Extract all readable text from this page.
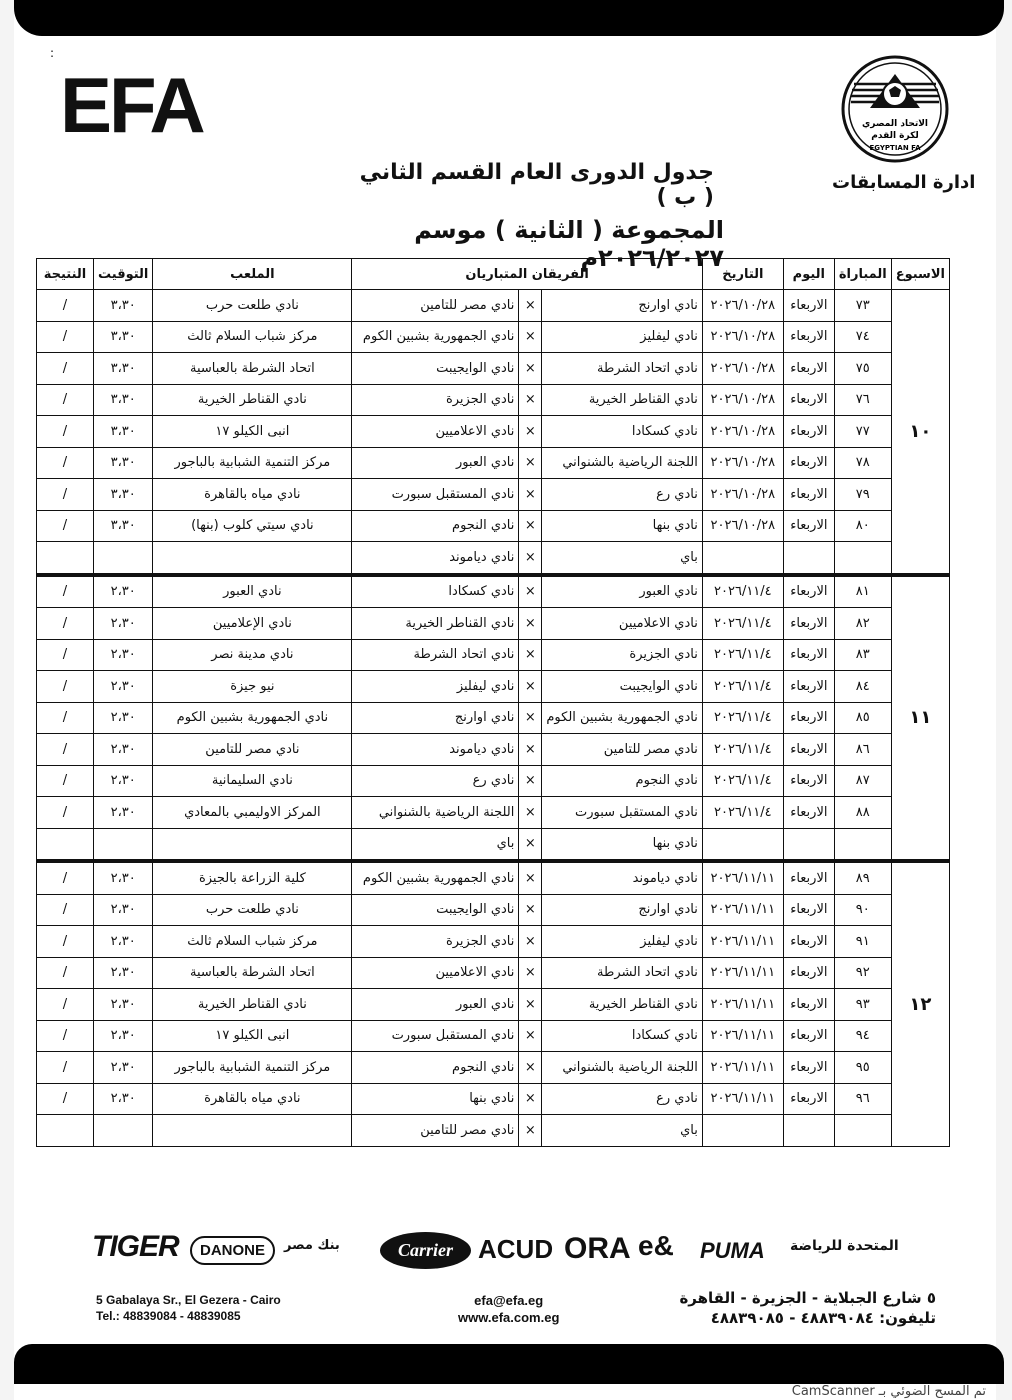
:
EFA	الاتحاد المصري
لكرة القدم
EGYPTIAN FA
ادارة المسابقات
جدول الدورى العام القسم الثاني ( ب )
المجموعة ( الثانية ) موسم ٢٠٢٦/٢٠٢٧م
الاسبوع	المباراة	اليوم	التاريخ	الفريقان المتباريان			الملعب	التوقيت	النتيجة
١٠	٧٣	الاربعاء	٢٠٢٦/١٠/٢٨	نادي اوارنج	×	نادي مصر للتامين	نادي طلعت حرب	٣،٣٠	/
	٧٤	الاربعاء	٢٠٢٦/١٠/٢٨	نادي ليفليز	×	نادي الجمهورية بشبين الكوم	مركز شباب السلام ثالث	٣،٣٠	/
	٧٥	الاربعاء	٢٠٢٦/١٠/٢٨	نادي اتحاد الشرطة	×	نادي الوايجيبت	اتحاد الشرطة بالعباسية	٣،٣٠	/
	٧٦	الاربعاء	٢٠٢٦/١٠/٢٨	نادي القناطر الخيرية	×	نادي الجزيرة	نادي القناطر الخيرية	٣،٣٠	/
	٧٧	الاربعاء	٢٠٢٦/١٠/٢٨	نادي كسكادا	×	نادي الاعلاميين	انبى الكيلو ١٧	٣،٣٠	/
	٧٨	الاربعاء	٢٠٢٦/١٠/٢٨	اللجنة الرياضية بالشنواني	×	نادي العبور	مركز التنمية الشبابية بالباجور	٣،٣٠	/
	٧٩	الاربعاء	٢٠٢٦/١٠/٢٨	نادي رع	×	نادي المستقبل سبورت	نادي مياه بالقاهرة	٣،٣٠	/
	٨٠	الاربعاء	٢٠٢٦/١٠/٢٨	نادي بنها	×	نادي النجوم	نادي سيتي كلوب (بنها)	٣،٣٠	/
				باي	×	نادي دياموند			
١١	٨١	الاربعاء	٢٠٢٦/١١/٤	نادي العبور	×	نادي كسكادا	نادي العبور	٢،٣٠	/
	٨٢	الاربعاء	٢٠٢٦/١١/٤	نادي الاعلاميين	×	نادي القناطر الخيرية	نادي الإعلاميين	٢،٣٠	/
	٨٣	الاربعاء	٢٠٢٦/١١/٤	نادي الجزيرة	×	نادي اتحاد الشرطة	نادي مدينة نصر	٢،٣٠	/
	٨٤	الاربعاء	٢٠٢٦/١١/٤	نادي الوايجيبت	×	نادي ليفليز	نيو جيزة	٢،٣٠	/
	٨٥	الاربعاء	٢٠٢٦/١١/٤	نادي الجمهورية بشبين الكوم	×	نادي اوارنج	نادي الجمهورية بشبين الكوم	٢،٣٠	/
	٨٦	الاربعاء	٢٠٢٦/١١/٤	نادي مصر للتامين	×	نادي دياموند	نادي مصر للتامين	٢،٣٠	/
	٨٧	الاربعاء	٢٠٢٦/١١/٤	نادي النجوم	×	نادي رع	نادي السليمانية	٢،٣٠	/
	٨٨	الاربعاء	٢٠٢٦/١١/٤	نادي المستقبل سبورت	×	اللجنة الرياضية بالشنواني	المركز الاوليمبي بالمعادي	٢،٣٠	/
				نادي بنها	×	باي			
١٢	٨٩	الاربعاء	٢٠٢٦/١١/١١	نادي دياموند	×	نادي الجمهورية بشبين الكوم	كلية الزراعة بالجيزة	٢،٣٠	/
	٩٠	الاربعاء	٢٠٢٦/١١/١١	نادي اوارنج	×	نادي الوايجيبت	نادي طلعت حرب	٢،٣٠	/
	٩١	الاربعاء	٢٠٢٦/١١/١١	نادي ليفليز	×	نادي الجزيرة	مركز شباب السلام ثالث	٢،٣٠	/
	٩٢	الاربعاء	٢٠٢٦/١١/١١	نادي اتحاد الشرطة	×	نادي الاعلاميين	اتحاد الشرطة بالعباسية	٢،٣٠	/
	٩٣	الاربعاء	٢٠٢٦/١١/١١	نادي القناطر الخيرية	×	نادي العبور	نادي القناطر الخيرية	٢،٣٠	/
	٩٤	الاربعاء	٢٠٢٦/١١/١١	نادي كسكادا	×	نادي المستقبل سبورت	انبى الكيلو ١٧	٢،٣٠	/
	٩٥	الاربعاء	٢٠٢٦/١١/١١	اللجنة الرياضية بالشنواني	×	نادي النجوم	مركز التنمية الشبابية بالباجور	٢،٣٠	/
	٩٦	الاربعاء	٢٠٢٦/١١/١١	نادي رع	×	نادي بنها	نادي مياه بالقاهرة	٢،٣٠	/
				باي	×	نادي مصر للتامين			
TIGER	DANONE	بنك مصر	Carrier ACUD ORA e& PUMA المتحدة للرياضة
5 Gabalaya Sr., El Gezera - Cairo
Tel.: 48839084 - 48839085
efa@efa.eg
www.efa.com.eg
٥ شارع الجبلاية - الجزيرة - القاهرة
تليفون: ٤٨٨٣٩٠٨٤ - ٤٨٨٣٩٠٨٥
تم المسح الضوئي بـ CamScanner
